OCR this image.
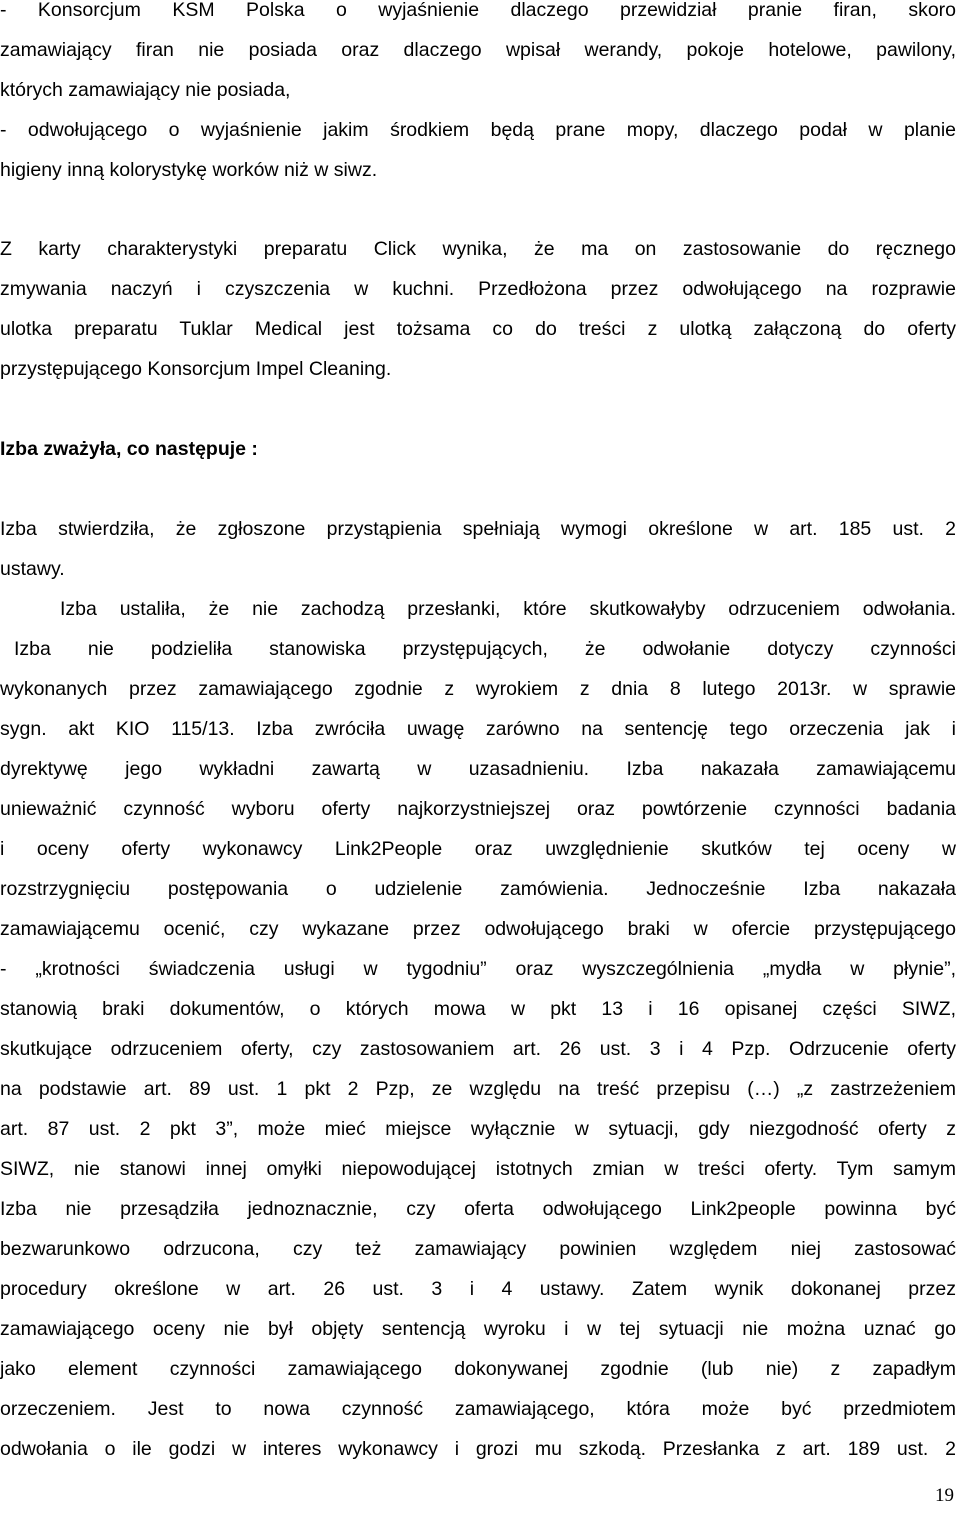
- Konsorcjum KSM Polska o wyjaśnienie dlaczego przewidział pranie firan, skoro
zamawiający firan nie posiada oraz dlaczego wpisał werandy, pokoje hotelowe, pawilony,
których zamawiający nie posiada,
- odwołującego o wyjaśnienie jakim środkiem będą prane mopy, dlaczego podał w planie
higieny inną kolorystykę worków niż w siwz.
Z karty charakterystyki preparatu Click wynika, że ma on zastosowanie do ręcznego
zmywania naczyń i czyszczenia w kuchni. Przedłożona przez odwołującego na rozprawie
ulotka preparatu Tuklar Medical jest tożsama co do treści z ulotką załączoną do oferty
przystępującego Konsorcjum Impel Cleaning.
Izba zważyła, co następuje :
Izba stwierdziła, że zgłoszone przystąpienia spełniają wymogi określone w art. 185 ust. 2
ustawy.
Izba ustaliła, że nie zachodzą przesłanki, które skutkowałyby odrzuceniem odwołania.
Izba nie podzieliła stanowiska przystępujących, że odwołanie dotyczy czynności
wykonanych przez zamawiającego zgodnie z wyrokiem z dnia 8 lutego 2013r. w sprawie
sygn. akt KIO 115/13. Izba zwróciła uwagę zarówno na sentencję tego orzeczenia jak i
dyrektywę jego wykładni zawartą w uzasadnieniu. Izba nakazała zamawiającemu
unieważnić czynność wyboru oferty najkorzystniejszej oraz powtórzenie czynności badania
i oceny oferty wykonawcy Link2People oraz uwzględnienie skutków tej oceny w
rozstrzygnięciu postępowania o udzielenie zamówienia. Jednocześnie Izba nakazała
zamawiającemu ocenić, czy wykazane przez odwołującego braki w ofercie przystępującego
- „krotności świadczenia usługi w tygodniu” oraz wyszczególnienia „mydła w płynie”,
stanowią braki dokumentów, o których mowa w pkt 13 i 16 opisanej części SIWZ,
skutkujące odrzuceniem oferty, czy zastosowaniem art. 26 ust. 3 i 4 Pzp. Odrzucenie oferty
na podstawie art. 89 ust. 1 pkt 2 Pzp, ze względu na treść przepisu (…) „z zastrzeżeniem
art. 87 ust. 2 pkt 3”, może mieć miejsce wyłącznie w sytuacji, gdy niezgodność oferty z
SIWZ, nie stanowi innej omyłki niepowodującej istotnych zmian w treści oferty. Tym samym
Izba nie przesądziła jednoznacznie, czy oferta odwołującego Link2people powinna być
bezwarunkowo odrzucona, czy też zamawiający powinien względem niej zastosować
procedury określone w art. 26 ust. 3 i 4 ustawy. Zatem wynik dokonanej przez
zamawiającego oceny nie był objęty sentencją wyroku i w tej sytuacji nie można uznać go
jako element czynności zamawiającego dokonywanej zgodnie (lub nie) z zapadłym
orzeczeniem. Jest to nowa czynność zamawiającego, która może być przedmiotem
odwołania o ile godzi w interes wykonawcy i grozi mu szkodą. Przesłanka z art. 189 ust. 2
19
